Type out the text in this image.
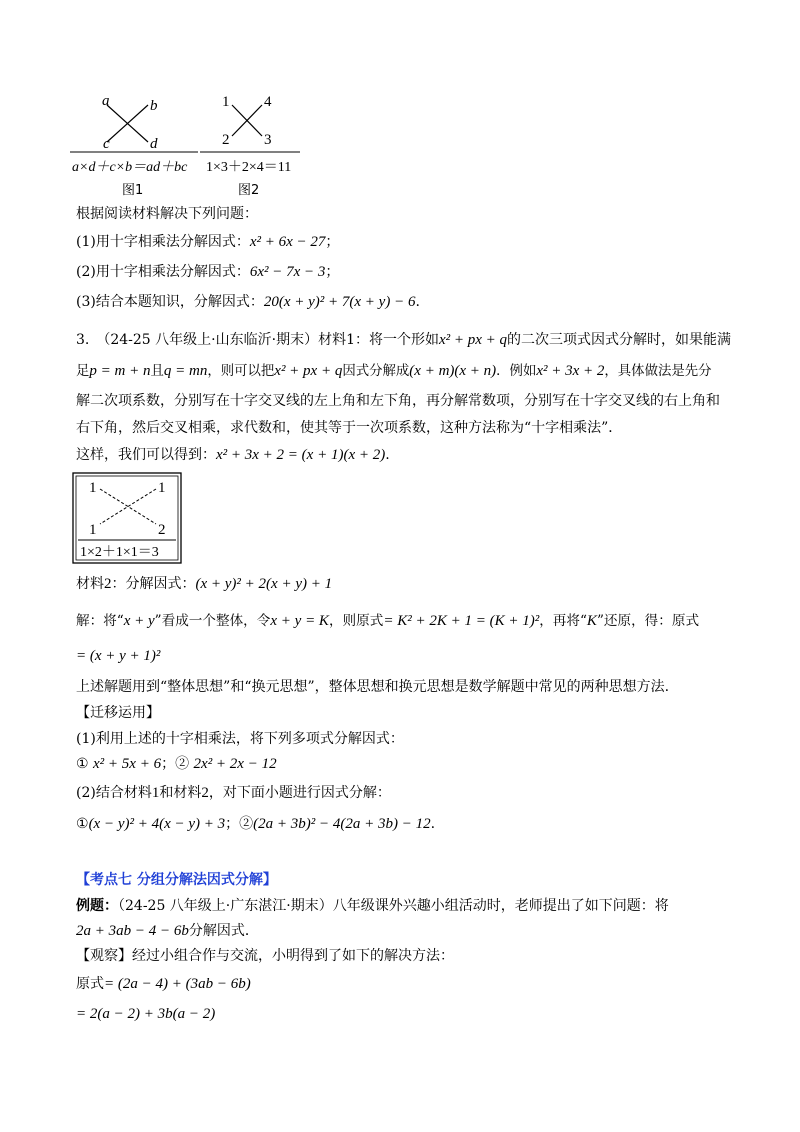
a	b
c	d
a×d＋c×b＝ad＋bc
图1
1 4
2 3
1×3＋2×4＝11
图2
根据阅读材料解决下列问题：
(1)用十字相乘法分解因式：x² + 6x − 27；
(2)用十字相乘法分解因式：6x² − 7x − 3；
(3)结合本题知识，分解因式：20(x + y)² + 7(x + y) − 6.
3.　（24-25 八年级上·山东临沂·期末）材料1：将一个形如x² + px + q的二次三项式因式分解时，如果能满
足p = m + n且q = mn，则可以把x² + px + q因式分解成(x + m)(x + n)．例如x² + 3x + 2，具体做法是先分
解二次项系数，分别写在十字交叉线的左上角和左下角，再分解常数项，分别写在十字交叉线的右上角和
右下角，然后交叉相乘，求代数和，使其等于一次项系数，这种方法称为“十字相乘法”．
这样，我们可以得到：x² + 3x + 2 = (x + 1)(x + 2).
1	1
1	2
1×2＋1×1＝3
材料2：分解因式：(x + y)² + 2(x + y) + 1
解：将“x + y”看成一个整体，令x + y = K，则原式= K² + 2K + 1 = (K + 1)²，再将“K”还原，得：原式
= (x + y + 1)²
上述解题用到“整体思想”和“换元思想”，整体思想和换元思想是数学解题中常见的两种思想方法.
【迁移运用】
(1)利用上述的十字相乘法，将下列多项式分解因式：
① x² + 5x + 6；② 2x² + 2x − 12
(2)结合材料1和材料2，对下面小题进行因式分解：
①(x − y)² + 4(x − y) + 3；②(2a + 3b)² − 4(2a + 3b) − 12.
【考点七 分组分解法因式分解】
例题：（24-25 八年级上·广东湛江·期末）八年级课外兴趣小组活动时，老师提出了如下问题：将
2a + 3ab − 4 − 6b分解因式．
【观察】经过小组合作与交流，小明得到了如下的解决方法：
原式= (2a − 4) + (3ab − 6b)
= 2(a − 2) + 3b(a − 2)
